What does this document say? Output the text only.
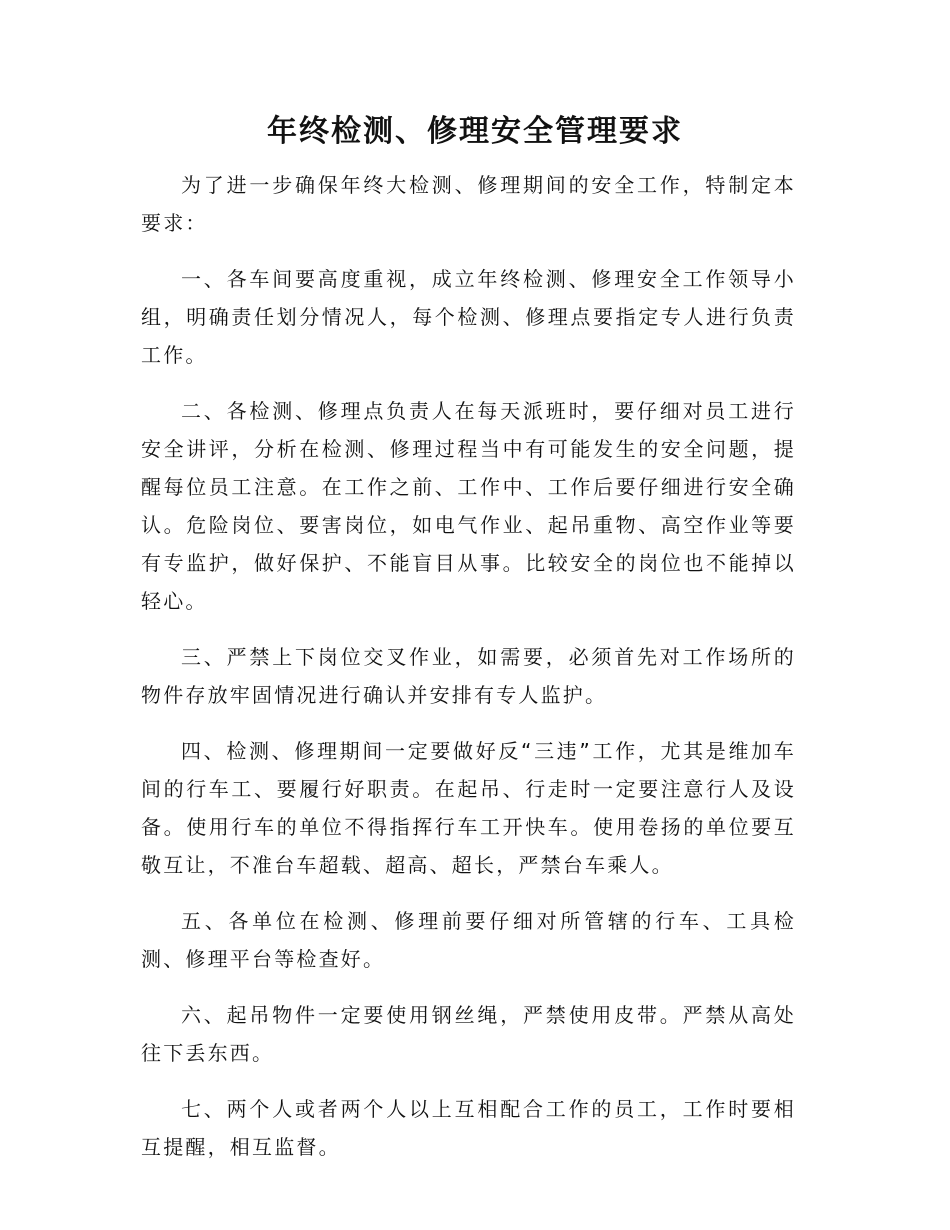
年终检测、修理安全管理要求

为了进一步确保年终大检测、修理期间的安全工作，特制定本要求：

一、各车间要高度重视，成立年终检测、修理安全工作领导小组，明确责任划分情况人，每个检测、修理点要指定专人进行负责工作。

二、各检测、修理点负责人在每天派班时，要仔细对员工进行安全讲评，分析在检测、修理过程当中有可能发生的安全问题，提醒每位员工注意。在工作之前、工作中、工作后要仔细进行安全确认。危险岗位、要害岗位，如电气作业、起吊重物、高空作业等要有专监护，做好保护、不能盲目从事。比较安全的岗位也不能掉以轻心。

三、严禁上下岗位交叉作业，如需要，必须首先对工作场所的物件存放牢固情况进行确认并安排有专人监护。

四、检测、修理期间一定要做好反“三违”工作，尤其是维加车间的行车工、要履行好职责。在起吊、行走时一定要注意行人及设备。使用行车的单位不得指挥行车工开快车。使用卷扬的单位要互敬互让，不准台车超载、超高、超长，严禁台车乘人。

五、各单位在检测、修理前要仔细对所管辖的行车、工具检测、修理平台等检查好。

六、起吊物件一定要使用钢丝绳，严禁使用皮带。严禁从高处往下丢东西。

七、两个人或者两个人以上互相配合工作的员工，工作时要相互提醒，相互监督。
